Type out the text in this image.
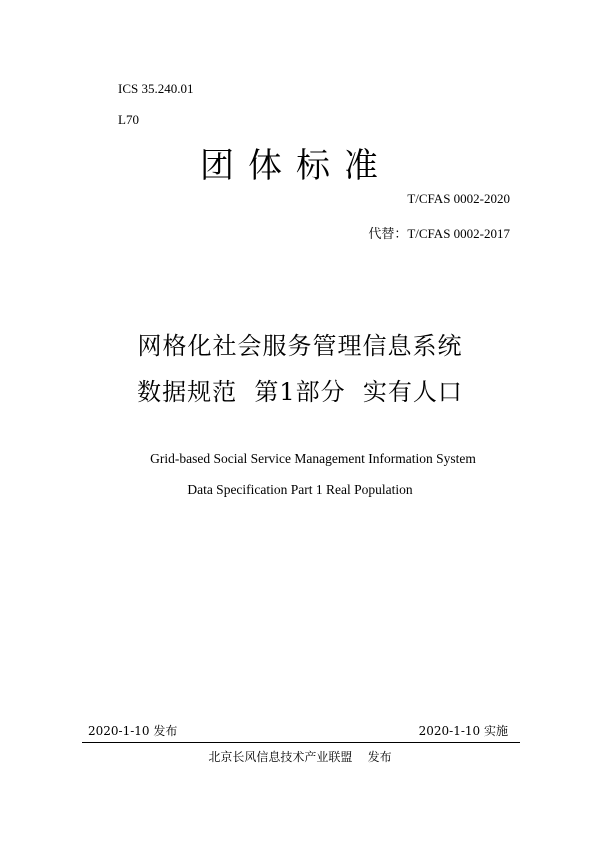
ICS 35.240.01
L70
团体标准
T/CFAS 0002-2020
代替：T/CFAS 0002-2017
网格化社会服务管理信息系统
数据规范  第1部分  实有人口
Grid-based Social Service Management Information System
Data Specification Part 1 Real Population
2020-1-10 发布	2020-1-10 实施
北京长风信息技术产业联盟    发布
